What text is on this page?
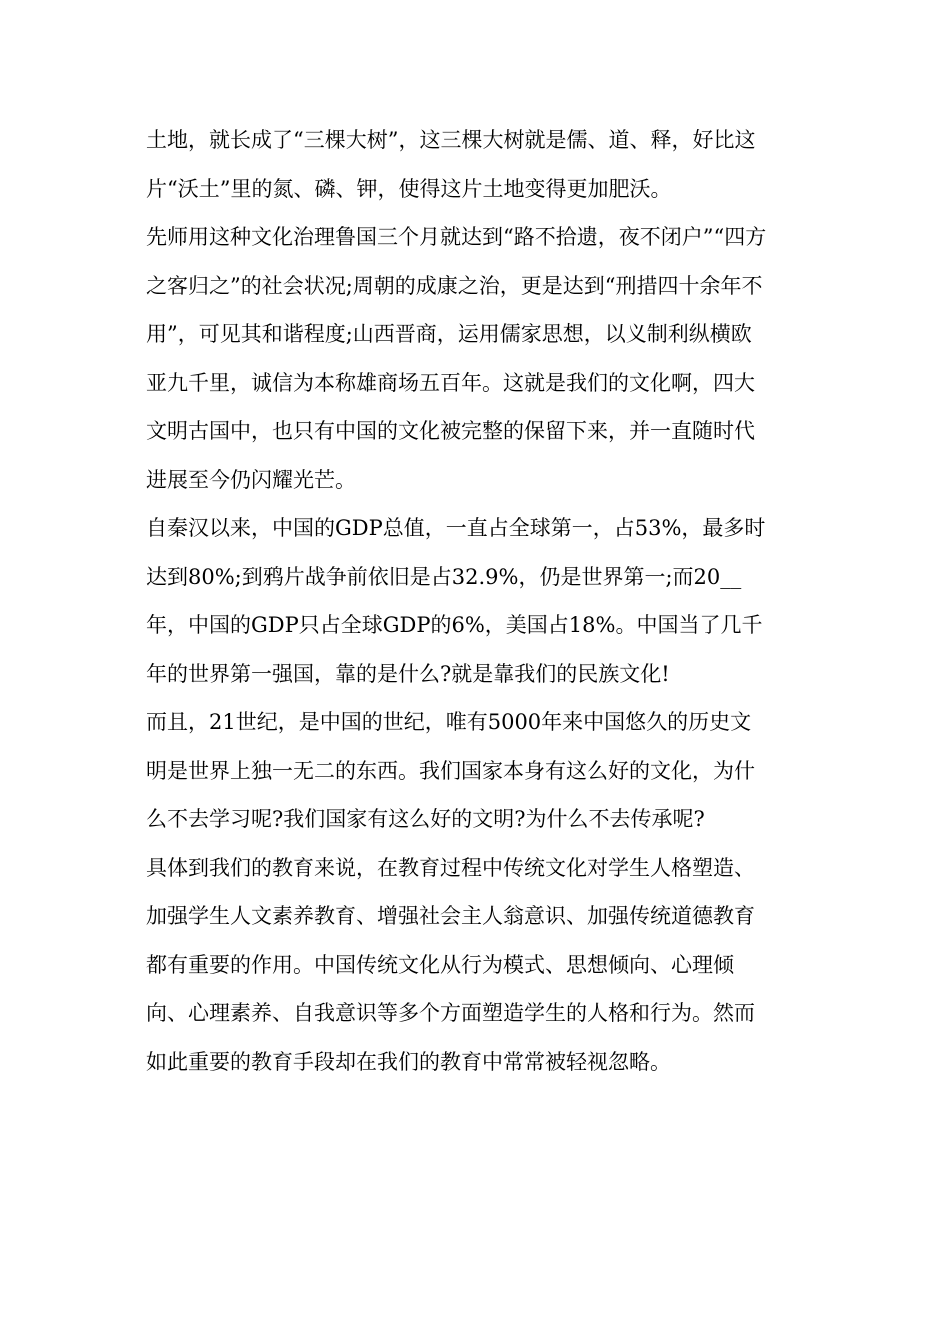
土地，就长成了“三棵大树”，这三棵大树就是儒、道、释，好比这
片“沃土”里的氮、磷、钾，使得这片土地变得更加肥沃。
先师用这种文化治理鲁国三个月就达到“路不拾遗，夜不闭户”“四方
之客归之”的社会状况;周朝的成康之治，更是达到“刑措四十余年不
用”，可见其和谐程度;山西晋商，运用儒家思想，以义制利纵横欧
亚九千里，诚信为本称雄商场五百年。这就是我们的文化啊，四大
文明古国中，也只有中国的文化被完整的保留下来，并一直随时代
进展至今仍闪耀光芒。
自秦汉以来，中国的GDP总值，一直占全球第一，占53%，最多时
达到80%;到鸦片战争前依旧是占32.9%，仍是世界第一;而20__
年，中国的GDP只占全球GDP的6%，美国占18%。中国当了几千
年的世界第一强国，靠的是什么?就是靠我们的民族文化!
而且，21世纪，是中国的世纪，唯有5000年来中国悠久的历史文
明是世界上独一无二的东西。我们国家本身有这么好的文化，为什
么不去学习呢?我们国家有这么好的文明?为什么不去传承呢?
具体到我们的教育来说，在教育过程中传统文化对学生人格塑造、
加强学生人文素养教育、增强社会主人翁意识、加强传统道德教育
都有重要的作用。中国传统文化从行为模式、思想倾向、心理倾
向、心理素养、自我意识等多个方面塑造学生的人格和行为。然而
如此重要的教育手段却在我们的教育中常常被轻视忽略。
